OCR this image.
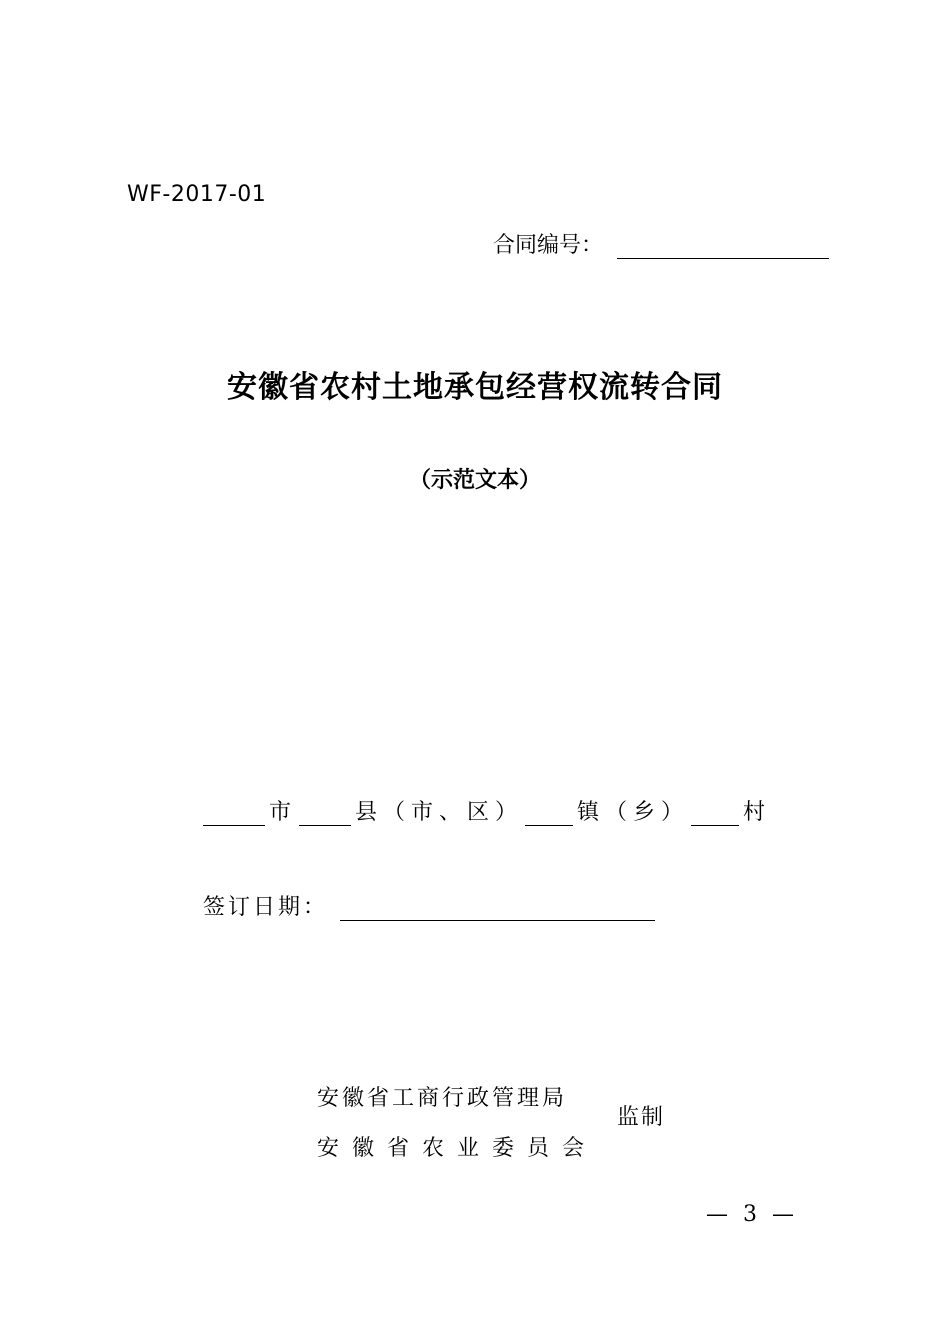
WF-2017-01
合同编号：
安徽省农村土地承包经营权流转合同
（示范文本）
市	县（市、区） 镇（乡） 村
签订日期：
安徽省工商行政管理局
安徽省农业委员会
监制
— 3 —
